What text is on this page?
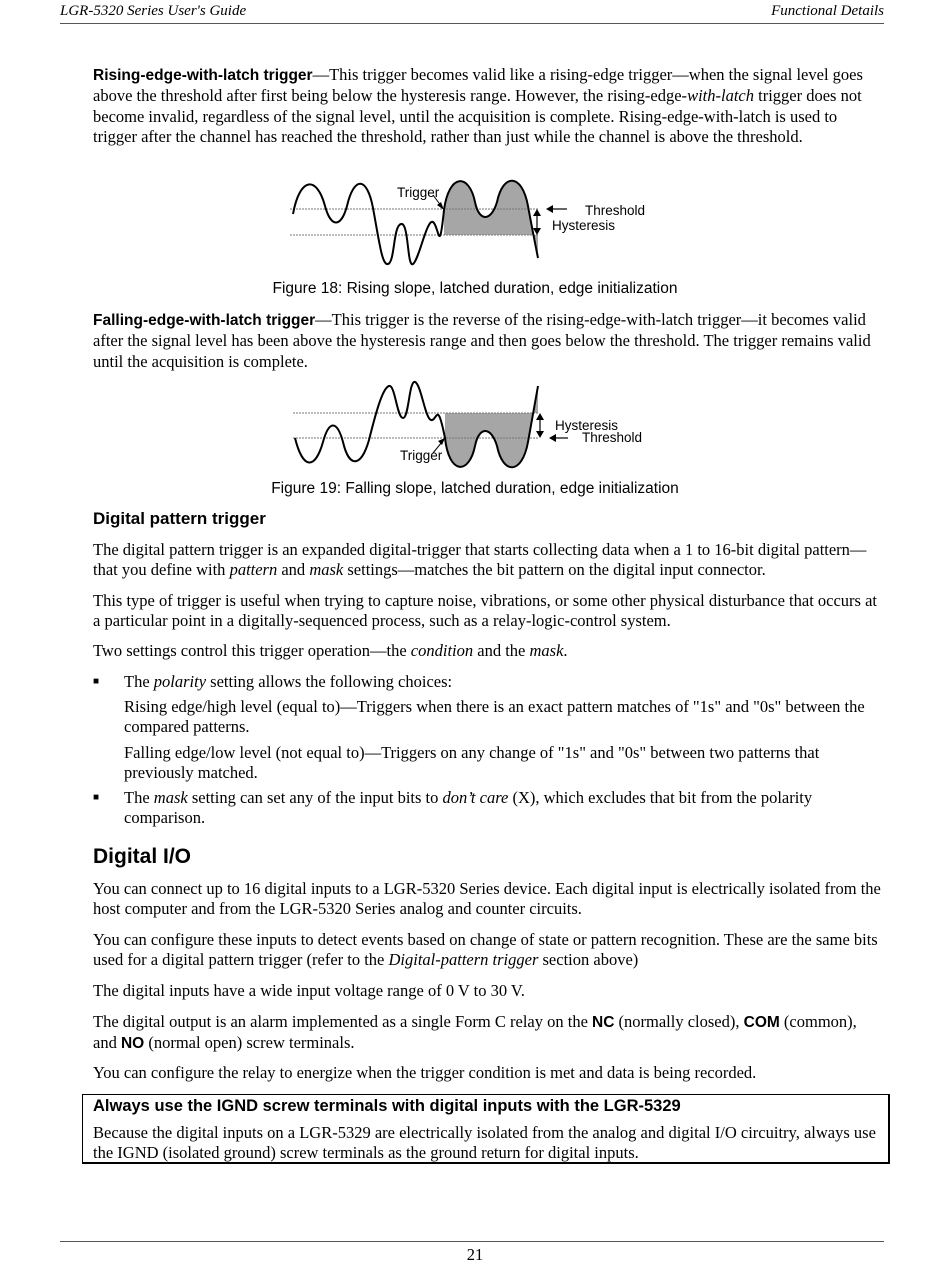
LGR-5320 Series User's Guide	Functional Details

Rising-edge-with-latch trigger—This trigger becomes valid like a rising-edge trigger—when the signal level goes above the threshold after first being below the hysteresis range. However, the rising-edge-with-latch trigger does not become invalid, regardless of the signal level, until the acquisition is complete. Rising-edge-with-latch is used to trigger after the channel has reached the threshold, rather than just while the channel is above the threshold.

Trigger
Threshold
Hysteresis
Figure 18: Rising slope, latched duration, edge initialization

Falling-edge-with-latch trigger—This trigger is the reverse of the rising-edge-with-latch trigger—it becomes valid after the signal level has been above the hysteresis range and then goes below the threshold. The trigger remains valid until the acquisition is complete.

Trigger
Hysteresis
Threshold
Figure 19: Falling slope, latched duration, edge initialization
Digital pattern trigger

The digital pattern trigger is an expanded digital-trigger that starts collecting data when a 1 to 16-bit digital pattern—that you define with pattern and mask settings—matches the bit pattern on the digital input connector.

This type of trigger is useful when trying to capture noise, vibrations, or some other physical disturbance that occurs at a particular point in a digitally-sequenced process, such as a relay-logic-control system.

Two settings control this trigger operation—the condition and the mask.

■ The polarity setting allows the following choices:

Rising edge/high level (equal to)—Triggers when there is an exact pattern matches of "1s" and "0s" between the compared patterns.

Falling edge/low level (not equal to)—Triggers on any change of "1s" and "0s" between two patterns that previously matched.

■ The mask setting can set any of the input bits to don’t care (X), which excludes that bit from the polarity comparison.

Digital I/O

You can connect up to 16 digital inputs to a LGR-5320 Series device. Each digital input is electrically isolated from the host computer and from the LGR-5320 Series analog and counter circuits.

You can configure these inputs to detect events based on change of state or pattern recognition. These are the same bits used for a digital pattern trigger (refer to the Digital-pattern trigger section above)

The digital inputs have a wide input voltage range of 0 V to 30 V.

The digital output is an alarm implemented as a single Form C relay on the NC (normally closed), COM (common), and NO (normal open) screw terminals.

You can configure the relay to energize when the trigger condition is met and data is being recorded.

Always use the IGND screw terminals with digital inputs with the LGR-5329
Because the digital inputs on a LGR-5329 are electrically isolated from the analog and digital I/O circuitry, always use the IGND (isolated ground) screw terminals as the ground return for digital inputs.
21
